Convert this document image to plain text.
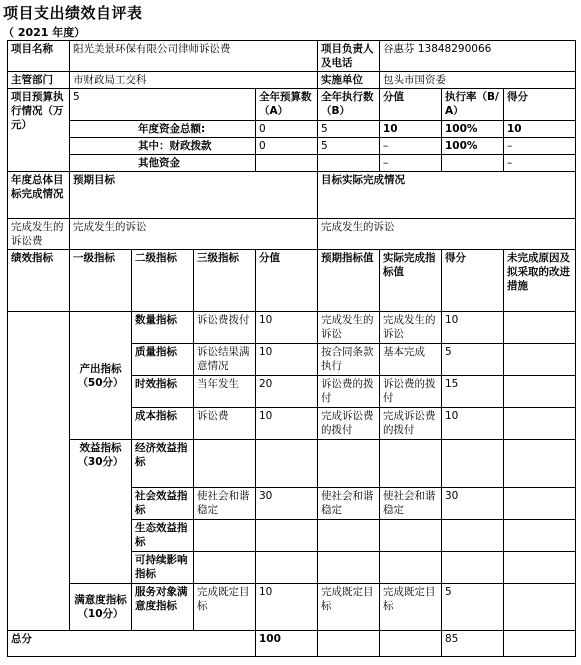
项目支出绩效自评表
（ 2021 年度）
项目名称	阳光美景环保有限公司律师诉讼费				项目负责人及电话	谷惠芬 13848290066		
主管部门	市财政局工交科				实施单位	包头市国资委		
项目预算执行情况（万元）	5			全年预算数（A）	全年执行数（B）	分值	执行率（B/A）	得分
	年度资金总额:			0	5	10	100%	10
	其中：财政拨款			0	5	–	100%	–
	其他资金					–		–
年度总体目标完成情况	预期目标				目标实际完成情况			
完成发生的诉讼费	完成发生的诉讼				完成发生的诉讼			
绩效指标	一级指标	二级指标	三级指标	分值	预期指标值	实际完成指标值	得分	未完成原因及拟采取的改进措施
	产出指标（50分）	数量指标	诉讼费拨付	10	完成发生的诉讼	完成发生的诉讼	10	
		质量指标	诉讼结果满意情况	10	按合同条款执行	基本完成	5	
		时效指标	当年发生	20	诉讼费的拨付	诉讼费的拨付	15	
		成本指标	诉讼费	10	完成诉讼费的拨付	完成诉讼费的拨付	10	
	效益指标（30分）	经济效益指标						
		社会效益指标	使社会和谐稳定	30	使社会和谐稳定	使社会和谐稳定	30	
		生态效益指标						
		可持续影响指标						
	满意度指标（10分）	服务对象满意度指标	完成既定目标	10	完成既定目标	完成既定目标	5	
总分				100			85	
